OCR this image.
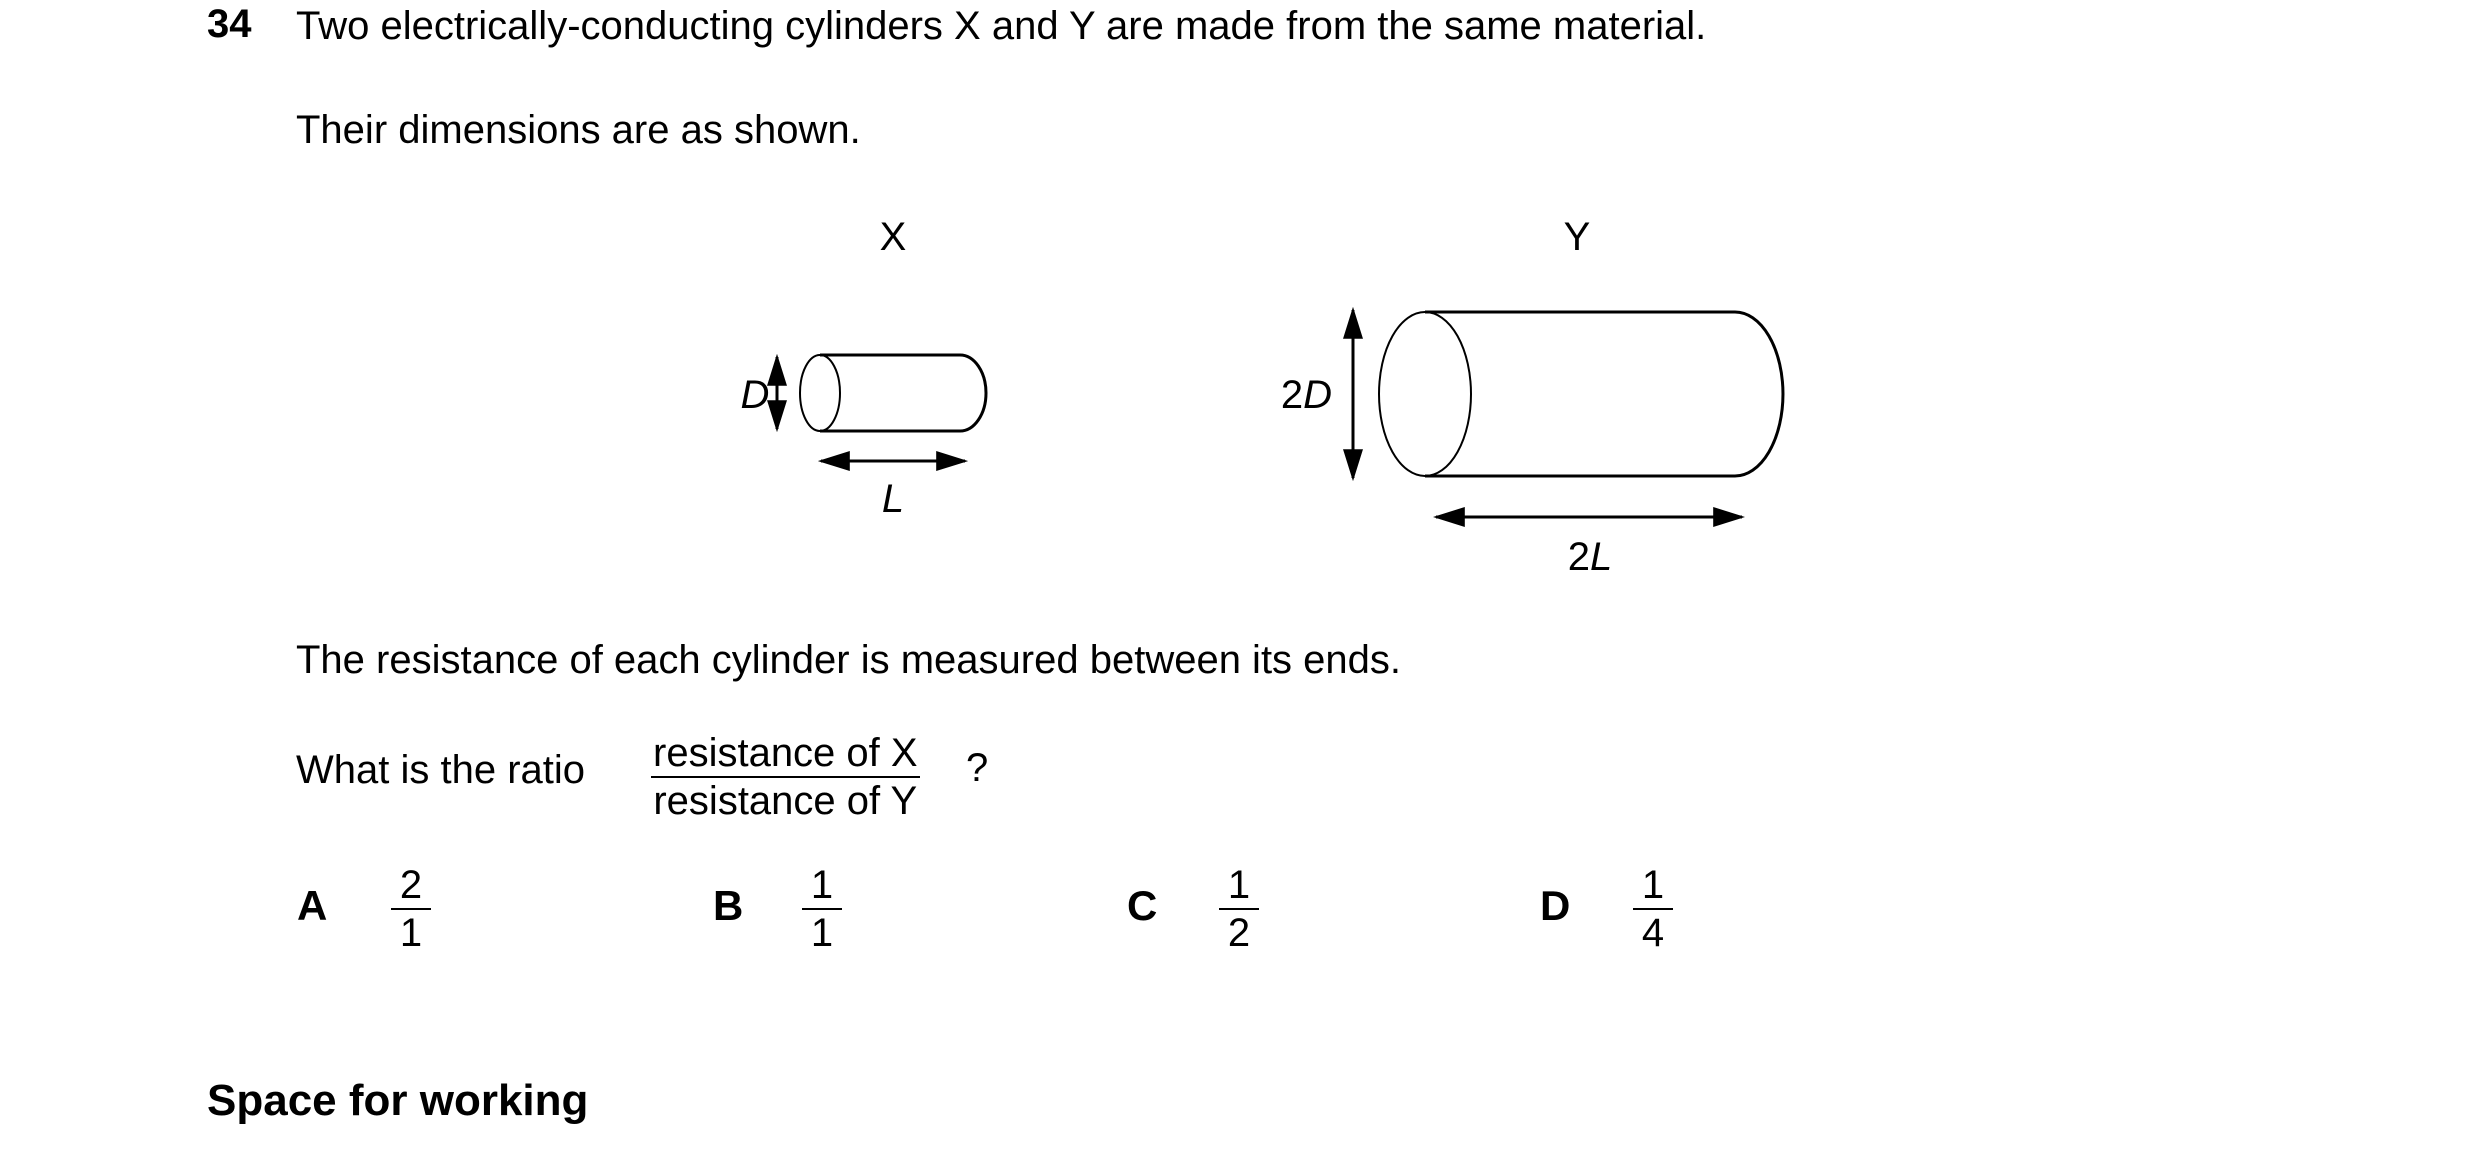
34 Two electrically-conducting cylinders X and Y are made from the same material.
Their dimensions are as shown.
X
D
L
Y
2D
2L
The resistance of each cylinder is measured between its ends.
What is the ratio resistance of X
resistance of Y
?
A $\frac{2}{1}$	B $\frac{1}{1}$	C $\frac{1}{2}$	D $\frac{1}{4}$
Space for working
